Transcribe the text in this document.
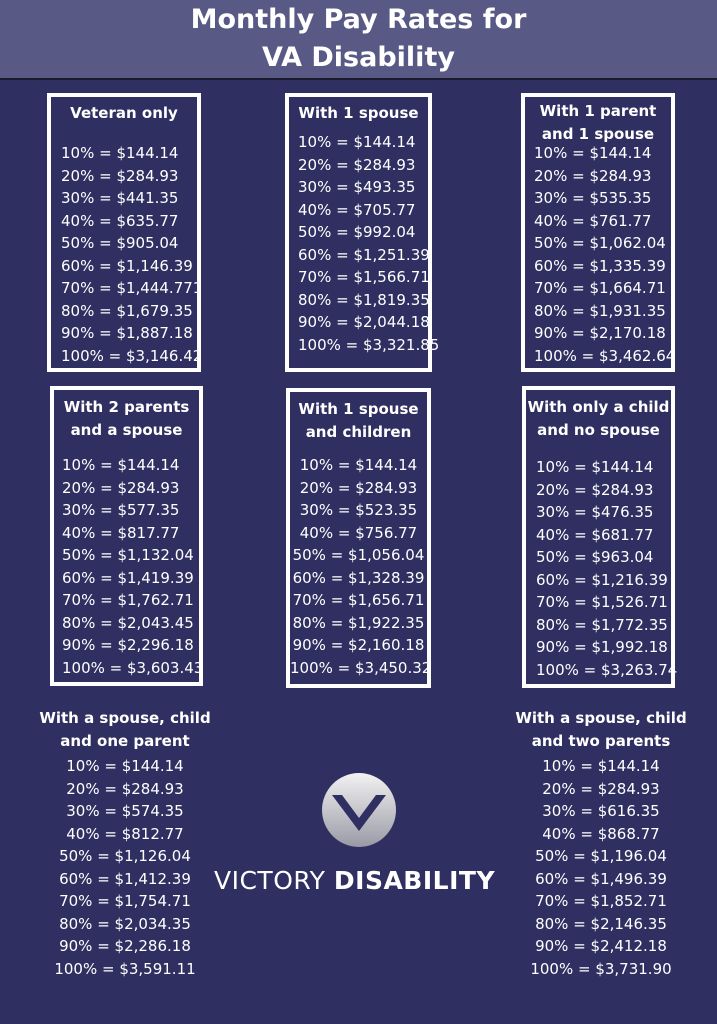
Monthly Pay Rates for
VA Disability
Veteran only
10% = $144.14
20% = $284.93
30% = $441.35
40% = $635.77
50% = $905.04
60% = $1,146.39
70% = $1,444.771
80% = $1,679.35
90% = $1,887.18
100% = $3,146.42
With 1 spouse
10% = $144.14
20% = $284.93
30% = $493.35
40% = $705.77
50% = $992.04
60% = $1,251.39
70% = $1,566.71
80% = $1,819.35
90% = $2,044.18
100% = $3,321.85
With 1 parent
and 1 spouse
10% = $144.14
20% = $284.93
30% = $535.35
40% = $761.77
50% = $1,062.04
60% = $1,335.39
70% = $1,664.71
80% = $1,931.35
90% = $2,170.18
100% = $3,462.64
With 2 parents
and a spouse
10% = $144.14
20% = $284.93
30% = $577.35
40% = $817.77
50% = $1,132.04
60% = $1,419.39
70% = $1,762.71
80% = $2,043.45
90% = $2,296.18
100% = $3,603.43
With 1 spouse
and children
10% = $144.14
20% = $284.93
30% = $523.35
40% = $756.77
50% = $1,056.04
60% = $1,328.39
70% = $1,656.71
80% = $1,922.35
90% = $2,160.18
100% = $3,450.32
With only a child
and no spouse
10% = $144.14
20% = $284.93
30% = $476.35
40% = $681.77
50% = $963.04
60% = $1,216.39
70% = $1,526.71
80% = $1,772.35
90% = $1,992.18
100% = $3,263.74
With a spouse, child
and one parent
10% = $144.14
20% = $284.93
30% = $574.35
40% = $812.77
50% = $1,126.04
60% = $1,412.39
70% = $1,754.71
80% = $2,034.35
90% = $2,286.18
100% = $3,591.11
With a spouse, child
and two parents
10% = $144.14
20% = $284.93
30% = $616.35
40% = $868.77
50% = $1,196.04
60% = $1,496.39
70% = $1,852.71
80% = $2,146.35
90% = $2,412.18
100% = $3,731.90
VICTORY DISABILITY
